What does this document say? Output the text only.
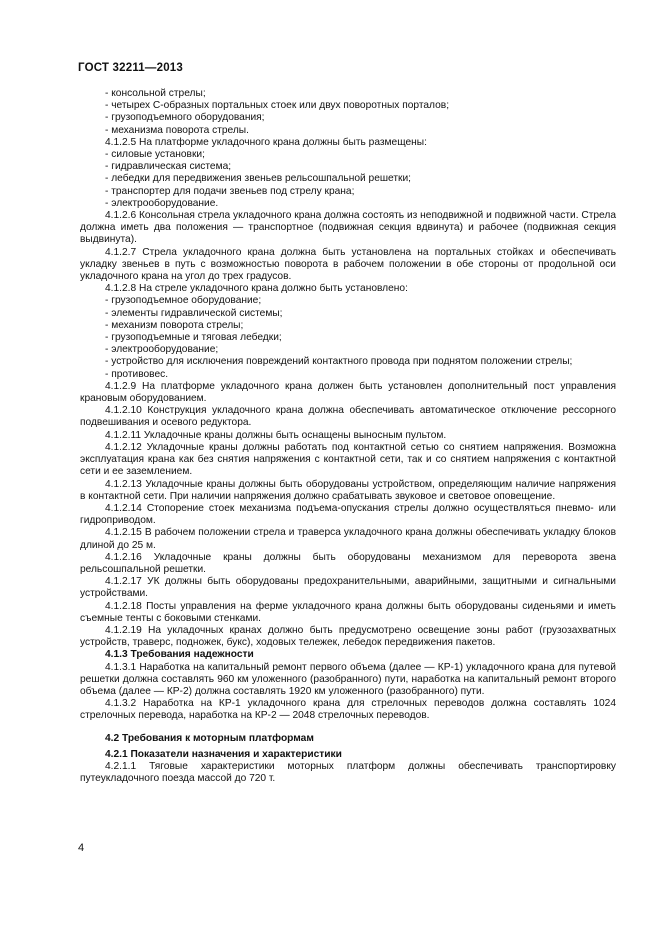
ГОСТ 32211—2013

- консольной стрелы;

- четырех С-образных портальных стоек или двух поворотных порталов;

- грузоподъемного оборудования;

- механизма поворота стрелы.

4.1.2.5 На платформе укладочного крана должны быть размещены:

- силовые установки;

- гидравлическая система;

- лебедки для передвижения звеньев рельсошпальной решетки;

- транспортер для подачи звеньев под стрелу крана;

- электрооборудование.

4.1.2.6 Консольная стрела укладочного крана должна состоять из неподвижной и подвижной части. Стрела должна иметь два положения — транспортное (подвижная секция вдвинута) и рабочее (подвижная секция выдвинута).

4.1.2.7 Стрела укладочного крана должна быть установлена на портальных стойках и обеспечивать укладку звеньев в путь с возможностью поворота в рабочем положении в обе стороны от продольной оси укладочного крана на угол до трех градусов.

4.1.2.8 На стреле укладочного крана должно быть установлено:

- грузоподъемное оборудование;

- элементы гидравлической системы;

- механизм поворота стрелы;

- грузоподъемные и тяговая лебедки;

- электрооборудование;

- устройство для исключения повреждений контактного провода при поднятом положении стрелы;

- противовес.

4.1.2.9 На платформе укладочного крана должен быть установлен дополнительный пост управления крановым оборудованием.

4.1.2.10 Конструкция укладочного крана должна обеспечивать автоматическое отключение рессорного подвешивания и осевого редуктора.

4.1.2.11 Укладочные краны должны быть оснащены выносным пультом.

4.1.2.12 Укладочные краны должны работать под контактной сетью со снятием напряжения. Возможна эксплуатация крана как без снятия напряжения с контактной сети, так и со снятием напряжения с контактной сети и ее заземлением.

4.1.2.13 Укладочные краны должны быть оборудованы устройством, определяющим наличие напряжения в контактной сети. При наличии напряжения должно срабатывать звуковое и световое оповещение.

4.1.2.14 Стопорение стоек механизма подъема-опускания стрелы должно осуществляться пневмо- или гидроприводом.

4.1.2.15 В рабочем положении стрела и траверса укладочного крана должны обеспечивать укладку блоков длиной до 25 м.

4.1.2.16 Укладочные краны должны быть оборудованы механизмом для переворота звена рельсошпальной решетки.

4.1.2.17 УК должны быть оборудованы предохранительными, аварийными, защитными и сигнальными устройствами.

4.1.2.18 Посты управления на ферме укладочного крана должны быть оборудованы сиденьями и иметь съемные тенты с боковыми стенками.

4.1.2.19 На укладочных кранах должно быть предусмотрено освещение зоны работ (грузозахватных устройств, траверс, подножек, букс), ходовых тележек, лебедок передвижения пакетов.

4.1.3 Требования надежности

4.1.3.1 Наработка на капитальный ремонт первого объема (далее — КР-1) укладочного крана для путевой решетки должна составлять 960 км уложенного (разобранного) пути, наработка на капитальный ремонт второго объема (далее — КР-2) должна составлять 1920 км уложенного (разобранного) пути.

4.1.3.2 Наработка на КР-1 укладочного крана для стрелочных переводов должна составлять 1024 стрелочных перевода, наработка на КР-2 — 2048 стрелочных переводов.

4.2 Требования к моторным платформам

4.2.1 Показатели назначения и характеристики

4.2.1.1 Тяговые характеристики моторных платформ должны обеспечивать транспортировку путеукладочного поезда массой до 720 т.

4
